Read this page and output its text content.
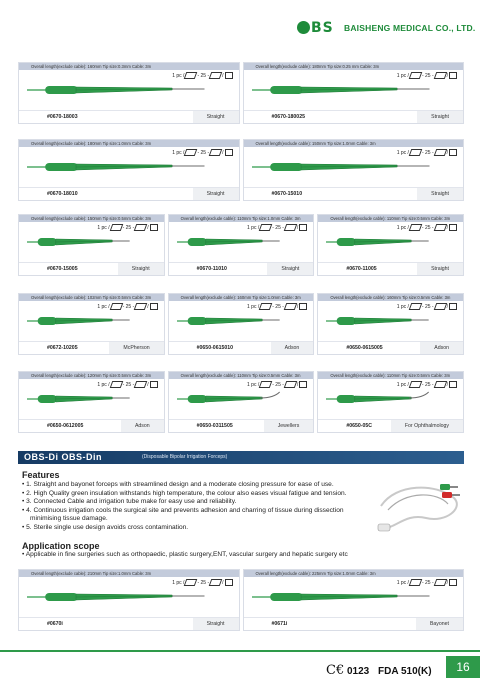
BS BAISHENG MEDICAL CO., LTD.
Overall length(exclude cable): 160mm Tip size:0.3mm Cable: 3m
1 pc /	- 25 -	/
#0670-18003	Straight
Overall length(exclude cable): 180mm Tip size:0.25 mm Cable: 3m
1 pc /	- 25 -	/
#0670-180025	Straight
Overall length(exclude cable): 180mm Tip size:1.0mm Cable: 3m
1 pc /	- 25 -	/
#0670-18010	Straight
Overall length(exclude cable): 150mm Tip size:1.0mm Cable: 3m
1 pc /	- 25 -	/
#0670-15010	Straight
Overall length(exclude cable): 150mm Tip size:0.5mm Cable: 3m
1 pc /	- 25 -	/
#0670-15005	Straight
Overall length(exclude cable): 110mm Tip size:1.0mm Cable: 3m
1 pc /	- 25 -	/
#0670-11010	Straight
Overall length(exclude cable): 110mm Tip size:0.5mm Cable: 3m
1 pc /	- 25 -	/
#0670-11005	Straight
Overall length(exclude cable): 102mm Tip size:0.5mm Cable: 3m
1 pc /	- 25 -	/
#0672-10205	McPherson
Overall length(exclude cable): 160mm Tip size:1.0mm Cable: 3m
1 pc /	- 25 -	/
#0650-0615010	Adson
Overall length(exclude cable): 160mm Tip size:0.5mm Cable: 3m
1 pc /	- 25 -	/
#0650-0615005	Adson
Overall length(exclude cable): 120mm Tip size:0.5mm Cable: 3m
1 pc /	- 25 -	/
#0650-0612005	Adson
Overall length(exclude cable): 110mm Tip size:0.5mm Cable: 3m
1 pc /	- 25 -	/
#0650-0311505	Jewellers
Overall length(exclude cable): 110mm Tip size:0.5mm Cable: 3m
1 pc /	- 25 -	/
#0650-05C	For Ophthalmology
OBS-Di OBS-Din	(Disposable Bipolar Irrigation Forceps)
Features
• 1. Straight and bayonet forceps with streamlined design and a moderate closing pressure for ease of use.
• 2. High Quality green insulation withstands high temperature, the colour also eases visual fatigue and tension.
• 3. Connected Cable and irrigation tube make for easy use and reliability.
• 4. Continuous irrigation cools the surgical site and prevents adhesion and charring of tissue during dissection minimising tissue damage.
• 5. Sterile single use design avoids cross contamination.
Application scope
• Applicable in fine surgeries such as orthopaedic, plastic surgery,ENT, vascular surgery and hepatic surgery etc
Overall length(exclude cable): 210mm Tip size:1.0mm Cable: 3m
1 pc /	- 25 -	/
#0670i	Straight
Overall length(exclude cable): 225mm Tip size:1.0mm Cable: 3m
1 pc /	- 25 -	/
#0671i	Bayonet
C€ 0123 FDA 510(K)	16
